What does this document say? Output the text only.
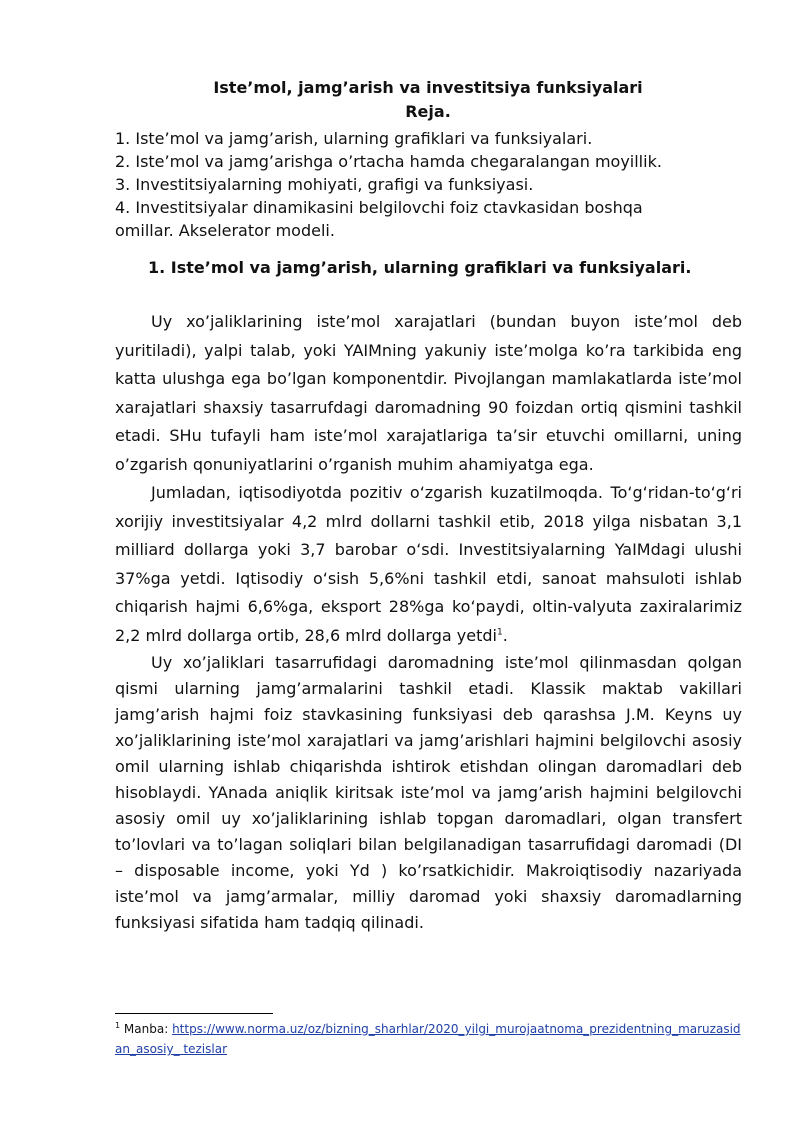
Iste’mol, jamg’arish va investitsiya funksiyalari
Reja.
1. Iste’mol va jamg’arish, ularning grafiklari va funksiyalari.
2. Iste’mol va jamg’arishga o’rtacha hamda chegaralangan moyillik.
3. Investitsiyalarning mohiyati, grafigi va funksiyasi.
4. Investitsiyalar dinamikasini belgilovchi foiz ctavkasidan boshqa
omillar. Akselerator modeli.
1. Iste’mol va jamg’arish, ularning grafiklari va funksiyalari.

Uy xo’jaliklarining iste’mol xarajatlari (bundan buyon iste’mol deb yuritiladi), yalpi talab, yoki YAIMning yakuniy iste’molga ko’ra tarkibida eng katta ulushga ega bo’lgan komponentdir. Pivojlangan mamlakatlarda iste’mol xarajatlari shaxsiy tasarrufdagi daromadning 90 foizdan ortiq qismini tashkil etadi. SHu tufayli ham iste’mol xarajatlariga ta’sir etuvchi omillarni, uning o’zgarish qonuniyatlarini o’rganish muhim ahamiyatga ega.

Jumladan, iqtisodiyotda pozitiv o‘zgarish kuzatilmoqda. To‘g‘ridan-to‘g‘ri xorijiy investitsiyalar 4,2 mlrd dollarni tashkil etib, 2018 yilga nisbatan 3,1 milliard dollarga yoki 3,7 barobar o‘sdi. Investitsiyalarning YaIMdagi ulushi 37%ga yetdi. Iqtisodiy o‘sish 5,6%ni tashkil etdi, sanoat mahsuloti ishlab chiqarish hajmi 6,6%ga, eksport 28%ga ko‘paydi, oltin-valyuta zaxiralarimiz 2,2 mlrd dollarga ortib, 28,6 mlrd dollarga yetdi$^1$.

Uy xo’jaliklari tasarrufidagi daromadning iste’mol qilinmasdan qolgan qismi ularning jamg’armalarini tashkil etadi. Klassik maktab vakillari jamg’arish hajmi foiz stavkasining funksiyasi deb qarashsa J.M. Keyns uy xo’jaliklarining iste’mol xarajatlari va jamg’arishlari hajmini belgilovchi asosiy omil ularning ishlab chiqarishda ishtirok etishdan olingan daromadlari deb hisoblaydi. YAnada aniqlik kiritsak iste’mol va jamg’arish hajmini belgilovchi asosiy omil uy xo’jaliklarining ishlab topgan daromadlari, olgan transfert to’lovlari va to’lagan soliqlari bilan belgilanadigan tasarrufidagi daromadi (DI – disposable income, yoki Yd ) ko’rsatkichidir. Makroiqtisodiy nazariyada iste’mol va jamg’armalar, milliy daromad yoki shaxsiy daromadlarning funksiyasi sifatida ham tadqiq qilinadi.

$^1$ Manba: https://www.norma.uz/oz/bizning_sharhlar/2020_yilgi_murojaatnoma_prezidentning_maruzasidan_asosiy_ tezislar
